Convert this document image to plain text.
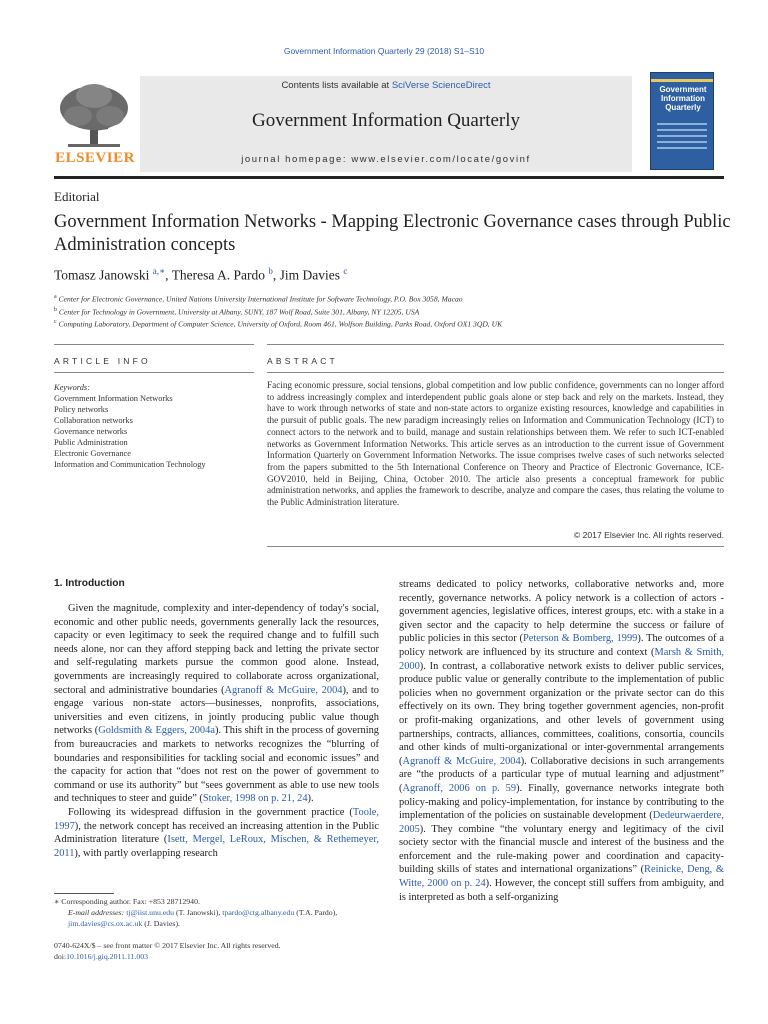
Government Information Quarterly 29 (2018) S1–S10
ELSEVIER
Contents lists available at SciVerse ScienceDirect
Government Information Quarterly
journal homepage: www.elsevier.com/locate/govinf
Government Information Quarterly
Editorial
Government Information Networks - Mapping Electronic Governance cases through Public Administration concepts
Tomasz Janowski $^{a,∗}$, Theresa A. Pardo $^b$, Jim Davies $^c$
$^a$ Center for Electronic Governance, United Nations University International Institute for Software Technology, P.O. Box 3058, Macao
$^b$ Center for Technology in Government, University at Albany, SUNY, 187 Wolf Road, Suite 301, Albany, NY 12205, USA
$^c$ Computing Laboratory, Department of Computer Science, University of Oxford, Room 461, Wolfson Building, Parks Road, Oxford OX1 3QD, UK
ARTICLE INFO	ABSTRACT
Keywords:
Government Information Networks
Policy networks
Collaboration networks
Governance networks
Public Administration
Electronic Governance
Information and Communication Technology
Facing economic pressure, social tensions, global competition and low public confidence, governments can no longer afford to address increasingly complex and interdependent public goals alone or step back and rely on the markets. Instead, they have to work through networks of state and non-state actors to organize existing resources, knowledge and capabilities in the pursuit of public goals. The new paradigm increasingly relies on Information and Communication Technology (ICT) to connect actors to the network and to build, manage and sustain relationships between them. We refer to such ICT-enabled networks as Government Information Networks. This article serves as an introduction to the current issue of Government Information Quarterly on Government Information Networks. The issue comprises twelve cases of such networks selected from the papers submitted to the 5th International Conference on Theory and Practice of Electronic Governance, ICE-GOV2010, held in Beijing, China, October 2010. The article also presents a conceptual framework for public administration networks, and applies the framework to describe, analyze and compare the cases, thus relating the volume to the Public Administration literature.
© 2017 Elsevier Inc. All rights reserved.
1. Introduction

Given the magnitude, complexity and inter-dependency of today's social, economic and other public needs, governments generally lack the resources, capacity or even legitimacy to seek the required change and to fulfill such needs alone, nor can they afford stepping back and letting the private sector and self-regulating markets pursue the common good alone. Instead, governments are increasingly required to collaborate across organizational, sectoral and administrative boundaries (Agranoff & McGuire, 2004), and to engage various non-state actors—businesses, nonprofits, associations, universities and even citizens, in jointly producing public value though networks (Goldsmith & Eggers, 2004a). This shift in the process of governing from bureaucracies and markets to networks recognizes the “blurring of boundaries and responsibilities for tackling social and economic issues” and the capacity for action that “does not rest on the power of government to command or use its authority” but “sees government as able to use new tools and techniques to steer and guide” (Stoker, 1998 on p. 21, 24).

Following its widespread diffusion in the government practice (Toole, 1997), the network concept has received an increasing attention in the Public Administration literature (Isett, Mergel, LeRoux, Mischen, & Rethemeyer, 2011), with partly overlapping research

streams dedicated to policy networks, collaborative networks and, more recently, governance networks. A policy network is a collection of actors - government agencies, legislative offices, interest groups, etc. with a stake in a given sector and the capacity to help determine the success or failure of public policies in this sector (Peterson & Bomberg, 1999). The outcomes of a policy network are influenced by its structure and context (Marsh & Smith, 2000). In contrast, a collaborative network exists to deliver public services, produce public value or generally contribute to the implementation of public policies when no government organization or the private sector can do this effectively on its own. They bring together government agencies, non-profit or profit-making organizations, and other levels of government using partnerships, contracts, alliances, committees, coalitions, consortia, councils and other kinds of multi-organizational or inter-governmental arrangements (Agranoff & McGuire, 2004). Collaborative decisions in such arrangements are “the products of a particular type of mutual learning and adjustment” (Agranoff, 2006 on p. 59). Finally, governance networks integrate both policy-making and policy-implementation, for instance by contributing to the implementation of the policies on sustainable development (Dedeurwaerdere, 2005). They combine “the voluntary energy and legitimacy of the civil society sector with the financial muscle and interest of the business and the enforcement and the rule-making power and coordination and capacity-building skills of states and international organizations” (Reinicke, Deng, & Witte, 2000 on p. 24). However, the concept still suffers from ambiguity, and is interpreted as both a self-organizing

∗ Corresponding author. Fax: +853 28712940.
E-mail addresses: tj@iist.unu.edu (T. Janowski), tpardo@ctg.albany.edu (T.A. Pardo),
jim.davies@cs.ox.ac.uk (J. Davies).
0740-624X/$ – see front matter © 2017 Elsevier Inc. All rights reserved.
doi:10.1016/j.giq.2011.11.003
